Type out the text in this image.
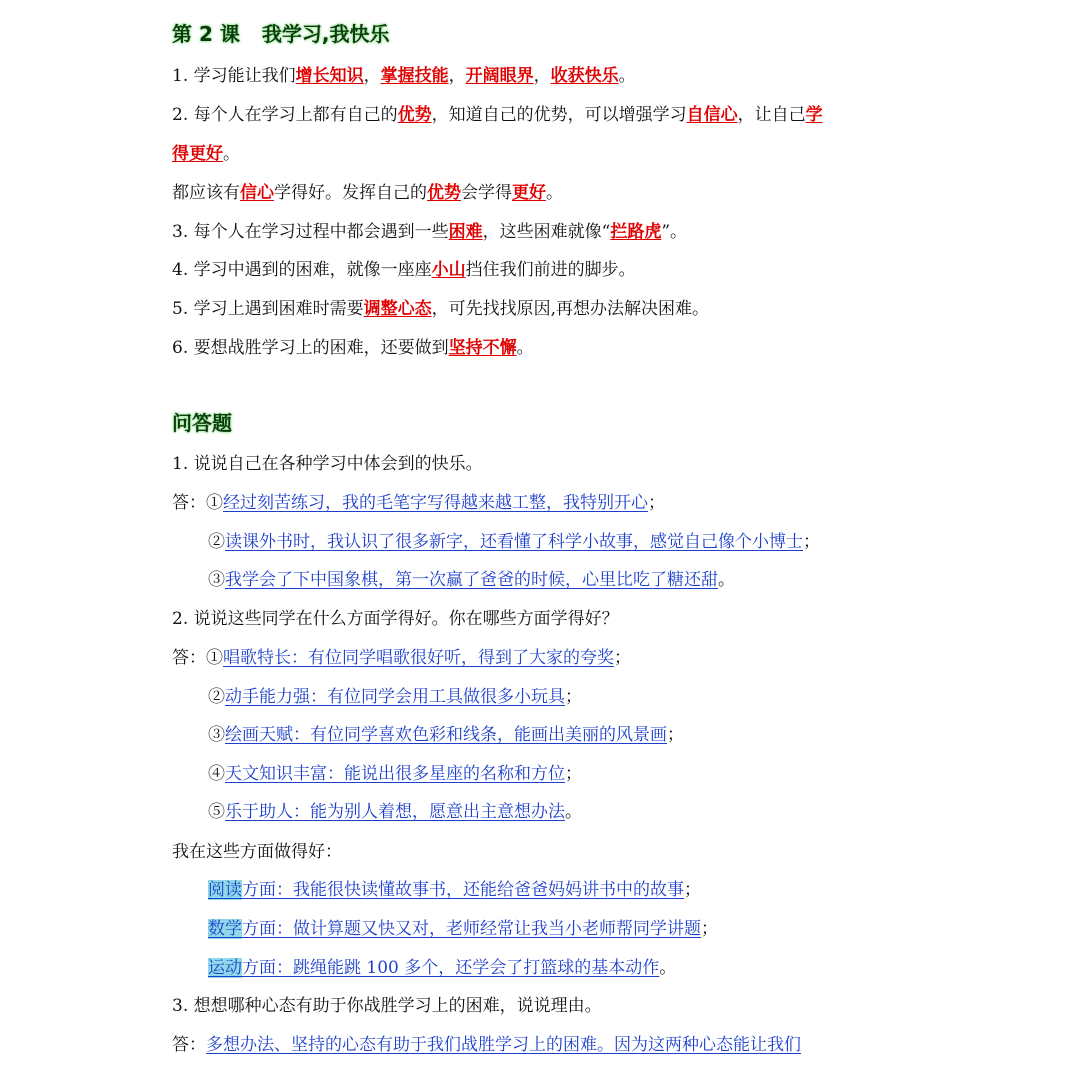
第 2 课 我学习,我快乐
1. 学习能让我们增长知识，掌握技能，开阔眼界，收获快乐。
2. 每个人在学习上都有自己的优势，知道自己的优势，可以增强学习自信心，让自己学
得更好。
都应该有信心学得好。发挥自己的优势会学得更好。
3. 每个人在学习过程中都会遇到一些困难，这些困难就像“拦路虎”。
4. 学习中遇到的困难，就像一座座小山挡住我们前进的脚步。
5. 学习上遇到困难时需要调整心态，可先找找原因,再想办法解决困难。
6. 要想战胜学习上的困难，还要做到坚持不懈。
问答题
1. 说说自己在各种学习中体会到的快乐。
答：①经过刻苦练习，我的毛笔字写得越来越工整，我特别开心；
②读课外书时，我认识了很多新字，还看懂了科学小故事，感觉自己像个小博士；
③我学会了下中国象棋，第一次赢了爸爸的时候，心里比吃了糖还甜。
2. 说说这些同学在什么方面学得好。你在哪些方面学得好？
答：①唱歌特长：有位同学唱歌很好听，得到了大家的夸奖；
②动手能力强：有位同学会用工具做很多小玩具；
③绘画天赋：有位同学喜欢色彩和线条，能画出美丽的风景画；
④天文知识丰富：能说出很多星座的名称和方位；
⑤乐于助人：能为别人着想，愿意出主意想办法。
我在这些方面做得好：
阅读方面：我能很快读懂故事书，还能给爸爸妈妈讲书中的故事；
数学方面：做计算题又快又对，老师经常让我当小老师帮同学讲题；
运动方面：跳绳能跳 100 多个，还学会了打篮球的基本动作。
3. 想想哪种心态有助于你战胜学习上的困难，说说理由。
答：多想办法、坚持的心态有助于我们战胜学习上的困难。因为这两种心态能让我们
